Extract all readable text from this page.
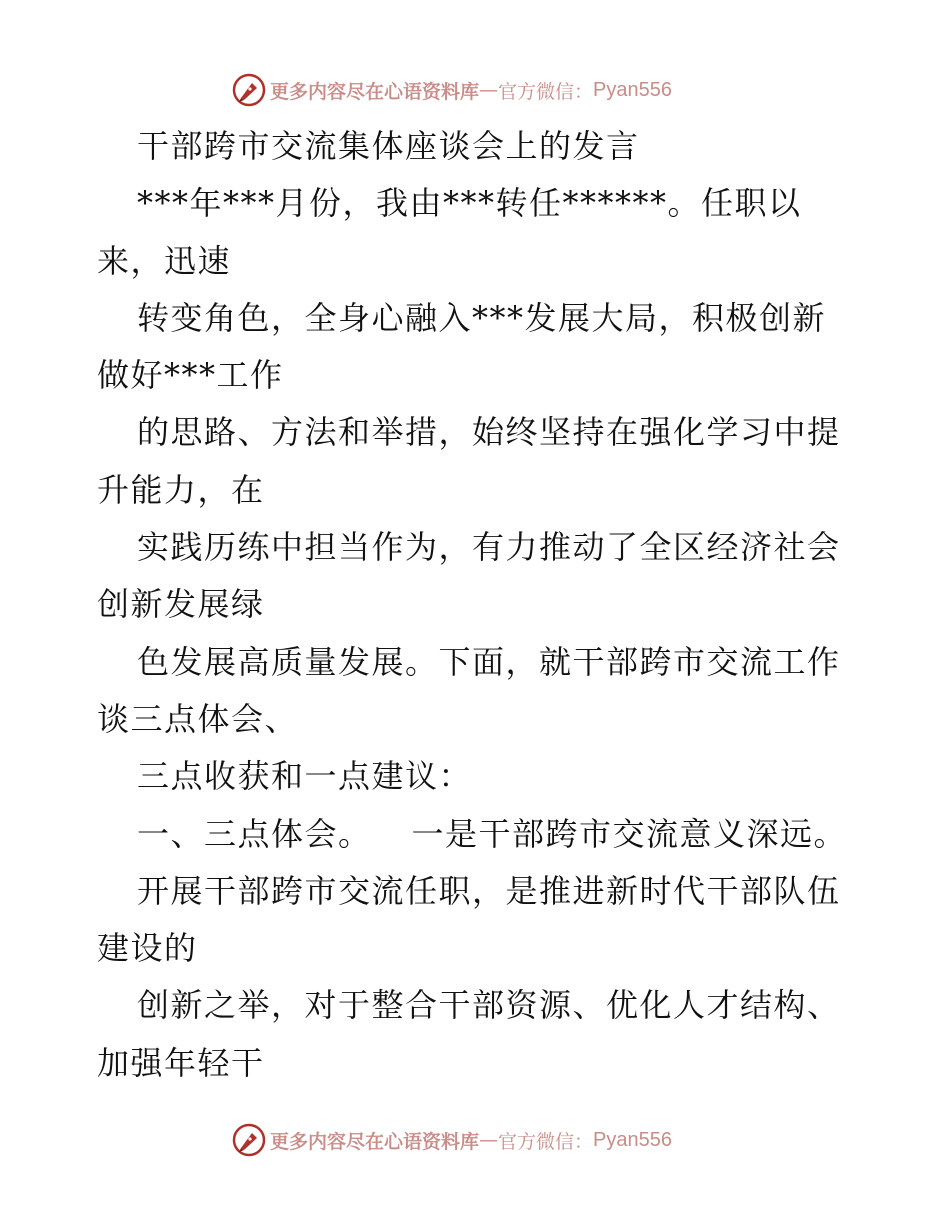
更多内容尽在心语资料库 — 官方微信： Pyan556
干部跨市交流集体座谈会上的发言
***年***月份，我由***转任******。任职以
来，迅速
转变角色，全身心融入***发展大局，积极创新
做好***工作
的思路、方法和举措，始终坚持在强化学习中提
升能力，在
实践历练中担当作为，有力推动了全区经济社会
创新发展绿
色发展高质量发展。下面，就干部跨市交流工作
谈三点体会、
三点收获和一点建议：
一、三点体会。 一是干部跨市交流意义深远。
开展干部跨市交流任职，是推进新时代干部队伍
建设的
创新之举，对于整合干部资源、优化人才结构、
加强年轻干
更多内容尽在心语资料库 — 官方微信： Pyan556
